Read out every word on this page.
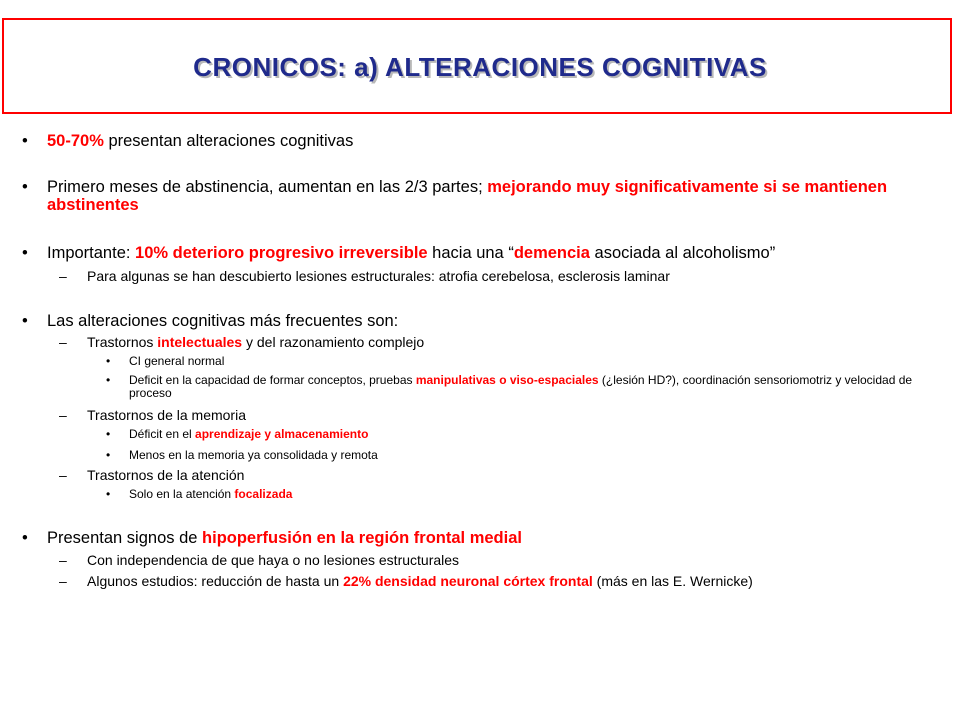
CRONICOS: a) ALTERACIONES COGNITIVAS
• 50-70% presentan alteraciones cognitivas
• Primero meses de abstinencia, aumentan en las 2/3 partes; mejorando muy significativamente si se mantienen abstinentes
• Importante: 10% deterioro progresivo irreversible hacia una “demencia asociada al alcoholismo”
– Para algunas se han descubierto lesiones estructurales: atrofia cerebelosa, esclerosis laminar
• Las alteraciones cognitivas más frecuentes son:
– Trastornos intelectuales y del razonamiento complejo
• CI general normal
• Deficit en la capacidad de formar conceptos, pruebas manipulativas o viso-espaciales (¿lesión HD?), coordinación sensoriomotriz y velocidad de proceso
– Trastornos de la memoria
• Déficit en el aprendizaje y almacenamiento
• Menos en la memoria ya consolidada y remota
– Trastornos de la atención
• Solo en la atención focalizada
• Presentan signos de hipoperfusión en la región frontal medial
– Con independencia de que haya o no lesiones estructurales
– Algunos estudios: reducción de hasta un 22% densidad neuronal córtex frontal (más en las E. Wernicke)
